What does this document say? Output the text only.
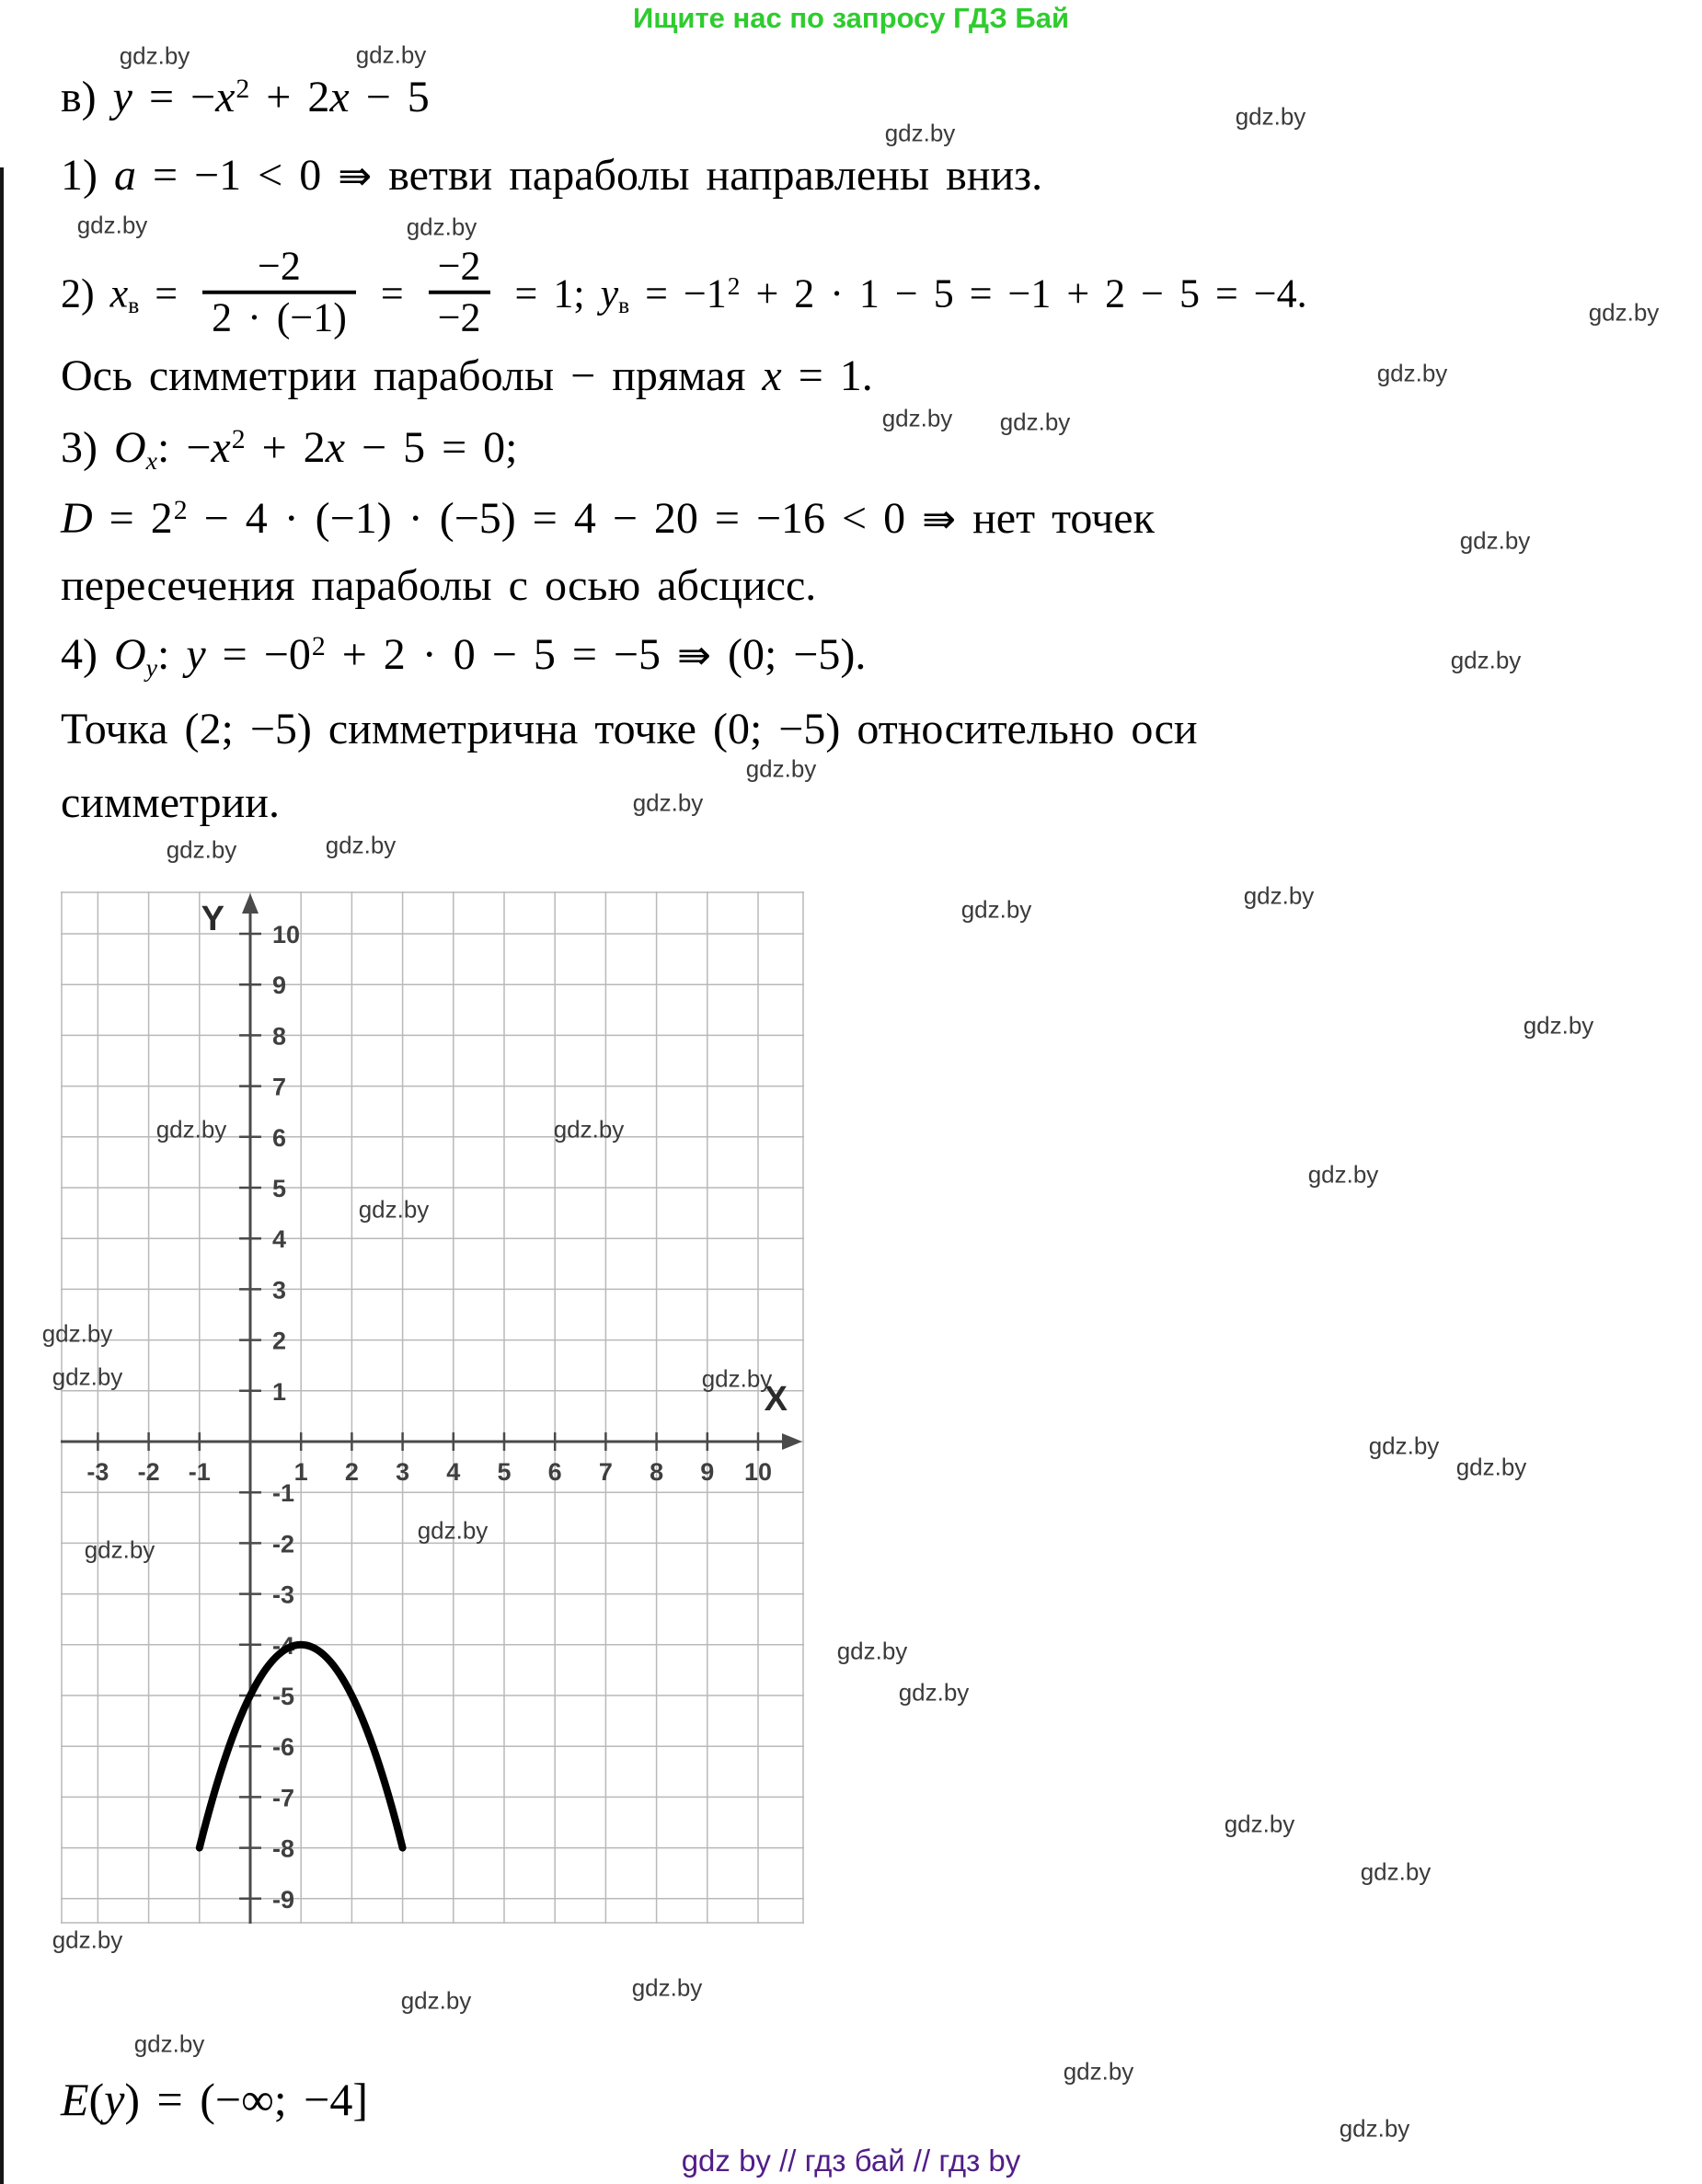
Ищите нас по запросу ГДЗ Бай
в) $y = -x^2 + 2x - 5$
1) a = −1 < 0 ⇛ ветви параболы направлены вниз.
2) xв = $\frac{-2}{2 \cdot (-1)} = \frac{-2}{-2} = 1$; yв = $-1^2 + 2 \cdot 1 - 5 = -1 + 2 - 5 = -4$.
Ось симметрии параболы − прямая x = 1.
3) Ox: $-x^2 + 2x - 5 = 0$;
$D = 2^2 - 4 \cdot (-1) \cdot (-5) = 4 - 20 = -16 < 0$ ⇛ нет точек
пересечения параболы с осью абсцисс.
4) Oy: $y = -0^2 + 2 \cdot 0 - 5 = -5$ ⇛ (0; −5).
Точка (2; −5) симметрична точке (0; −5) относительно оси
симметрии.
E(y) = (−∞; −4]
-3 -2 -1	1 2 3 4 5 6 7 8 9 10
10
9
8
7
6
5
4
3
2
1
-1
-2
-3
-4
-5
-6
-7
-8
-9
X
Y
gdz.by	gdz.by
gdz.by
gdz.by
gdz.by	gdz.by
gdz.by
gdz.by
gdz.by gdz.by
gdz.by
gdz.by
gdz.by
gdz.by
gdz.by	gdz.by
gdz.by	gdz.by
gdz.by
gdz.by	gdz.by
gdz.by
gdz.by
gdz.by
gdz.by	gdz.by
gdz.by
gdz.by
gdz.by
gdz.by
gdz.by
gdz.by
gdz.by
gdz.by
gdz.by
gdz.by	gdz.by
gdz.by
gdz.by
gdz.by
gdz by // гдз бай // гдз by
